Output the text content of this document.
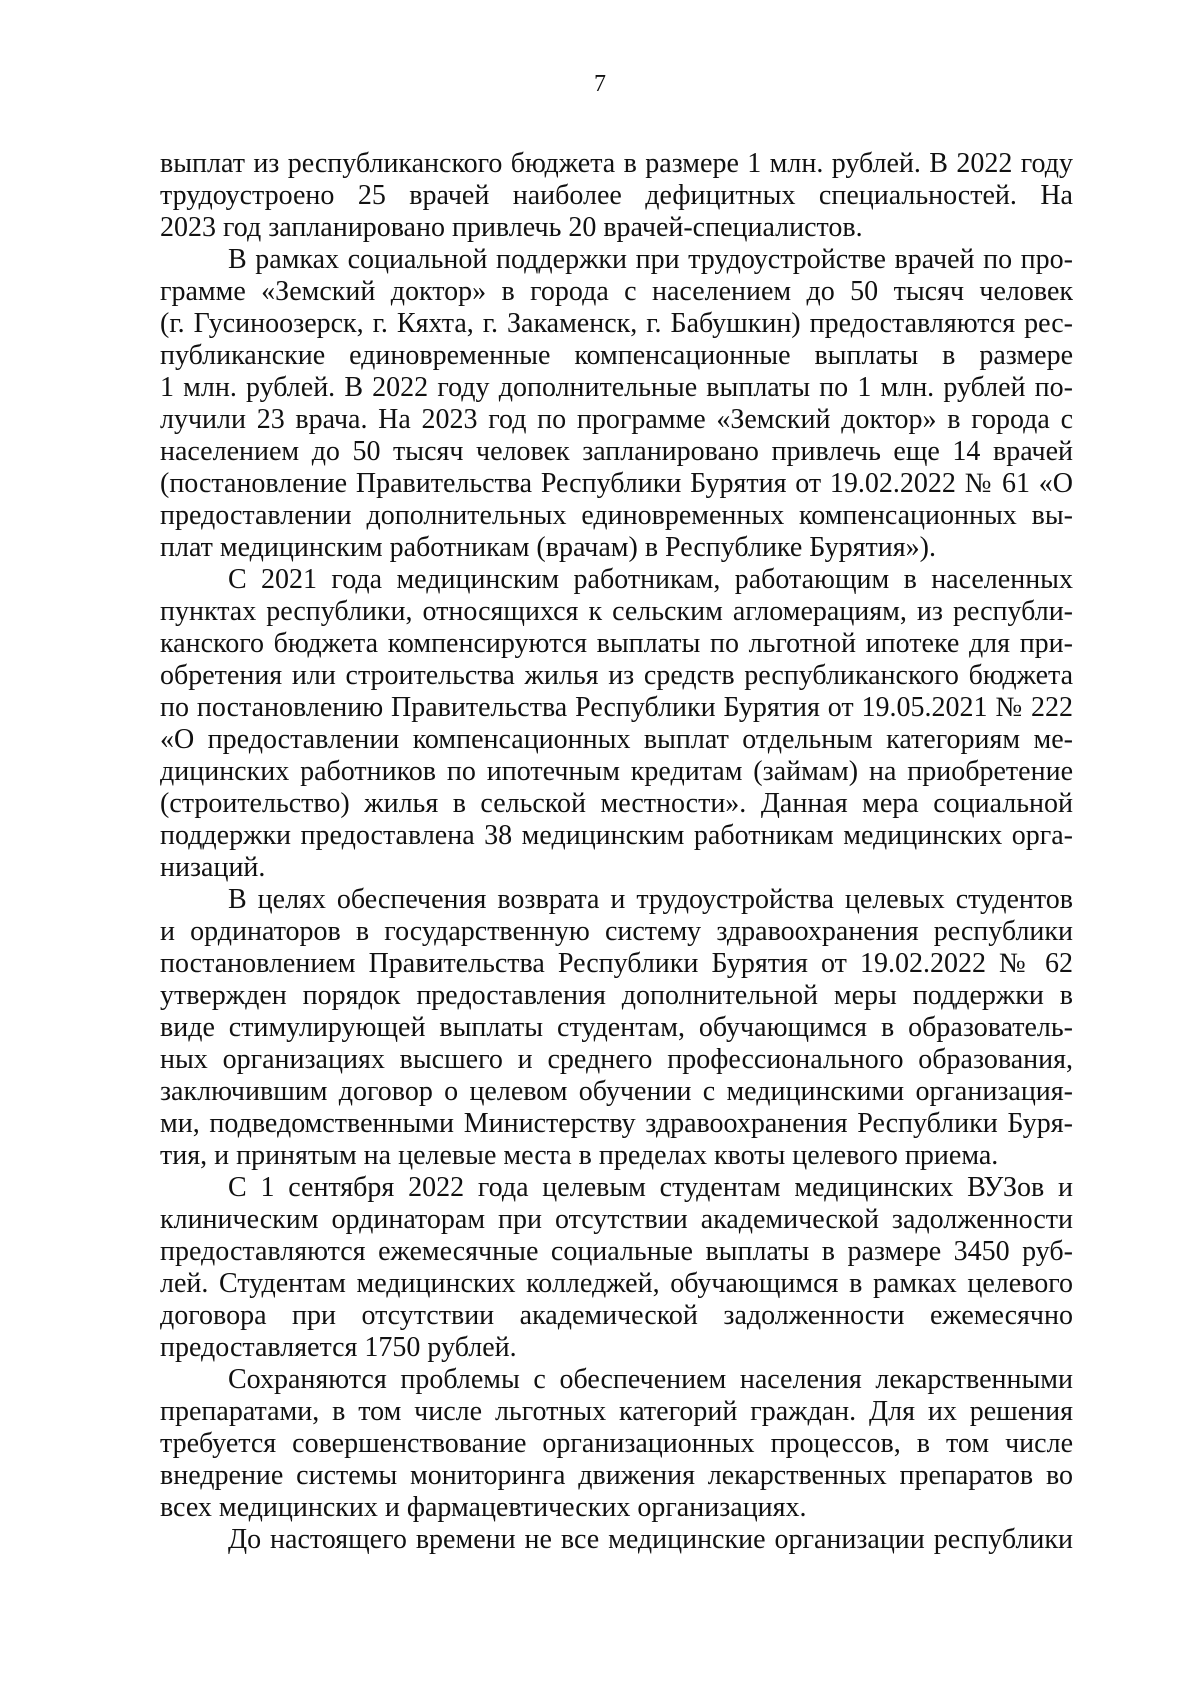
7
выплат из республиканского бюджета в размере 1 млн. рублей. В 2022 году
трудоустроено 25 врачей наиболее дефицитных специальностей. На
2023 год запланировано привлечь 20 врачей-специалистов.
В рамках социальной поддержки при трудоустройстве врачей по про-
грамме «Земский доктор» в города с населением до 50 тысяч человек
(г. Гусиноозерск, г. Кяхта, г. Закаменск, г. Бабушкин) предоставляются рес-
публиканские единовременные компенсационные выплаты в размере
1 млн. рублей. В 2022 году дополнительные выплаты по 1 млн. рублей по-
лучили 23 врача. На 2023 год по программе «Земский доктор» в города с
населением до 50 тысяч человек запланировано привлечь еще 14 врачей
(постановление Правительства Республики Бурятия от 19.02.2022 № 61 «О
предоставлении дополнительных единовременных компенсационных вы-
плат медицинским работникам (врачам) в Республике Бурятия»).
С 2021 года медицинским работникам, работающим в населенных
пунктах республики, относящихся к сельским агломерациям, из республи-
канского бюджета компенсируются выплаты по льготной ипотеке для при-
обретения или строительства жилья из средств республиканского бюджета
по постановлению Правительства Республики Бурятия от 19.05.2021 № 222
«О предоставлении компенсационных выплат отдельным категориям ме-
дицинских работников по ипотечным кредитам (займам) на приобретение
(строительство) жилья в сельской местности». Данная мера социальной
поддержки предоставлена 38 медицинским работникам медицинских орга-
низаций.
В целях обеспечения возврата и трудоустройства целевых студентов
и ординаторов в государственную систему здравоохранения республики
постановлением Правительства Республики Бурятия от 19.02.2022 № 62
утвержден порядок предоставления дополнительной меры поддержки в
виде стимулирующей выплаты студентам, обучающимся в образователь-
ных организациях высшего и среднего профессионального образования,
заключившим договор о целевом обучении с медицинскими организация-
ми, подведомственными Министерству здравоохранения Республики Буря-
тия, и принятым на целевые места в пределах квоты целевого приема.
С 1 сентября 2022 года целевым студентам медицинских ВУЗов и
клиническим ординаторам при отсутствии академической задолженности
предоставляются ежемесячные социальные выплаты в размере 3450 руб-
лей. Студентам медицинских колледжей, обучающимся в рамках целевого
договора при отсутствии академической задолженности ежемесячно
предоставляется 1750 рублей.
Сохраняются проблемы с обеспечением населения лекарственными
препаратами, в том числе льготных категорий граждан. Для их решения
требуется совершенствование организационных процессов, в том числе
внедрение системы мониторинга движения лекарственных препаратов во
всех медицинских и фармацевтических организациях.
До настоящего времени не все медицинские организации республики
